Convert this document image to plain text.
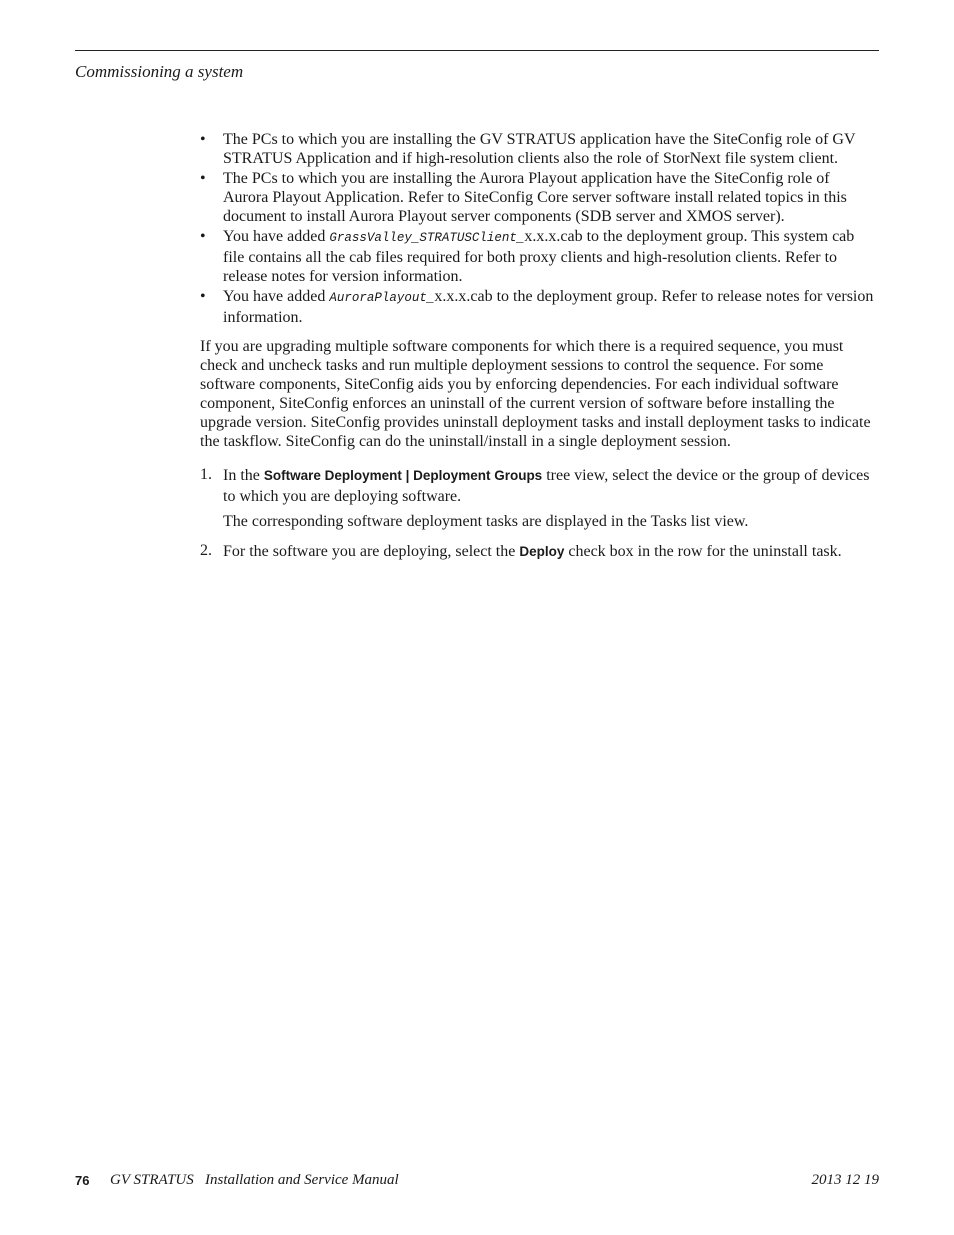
Commissioning a system
• The PCs to which you are installing the GV STRATUS application have the SiteConfig role of GV STRATUS Application and if high-resolution clients also the role of StorNext file system client.
• The PCs to which you are installing the Aurora Playout application have the SiteConfig role of Aurora Playout Application. Refer to SiteConfig Core server software install related topics in this document to install Aurora Playout server components (SDB server and XMOS server).
• You have added GrassValley_STRATUSClient_x.x.x.cab to the deployment group. This system cab file contains all the cab files required for both proxy clients and high-resolution clients. Refer to release notes for version information.
• You have added AuroraPlayout_x.x.x.cab to the deployment group. Refer to release notes for version information.

If you are upgrading multiple software components for which there is a required sequence, you must check and uncheck tasks and run multiple deployment sessions to control the sequence. For some software components, SiteConfig aids you by enforcing dependencies. For each individual software component, SiteConfig enforces an uninstall of the current version of software before installing the upgrade version. SiteConfig provides uninstall deployment tasks and install deployment tasks to indicate the taskflow. SiteConfig can do the uninstall/install in a single deployment session.

1. In the Software Deployment | Deployment Groups tree view, select the device or the group of devices to which you are deploying software.
The corresponding software deployment tasks are displayed in the Tasks list view.
2. For the software you are deploying, select the Deploy check box in the row for the uninstall task.
76 GV STRATUS   Installation and Service Manual	2013 12 19
